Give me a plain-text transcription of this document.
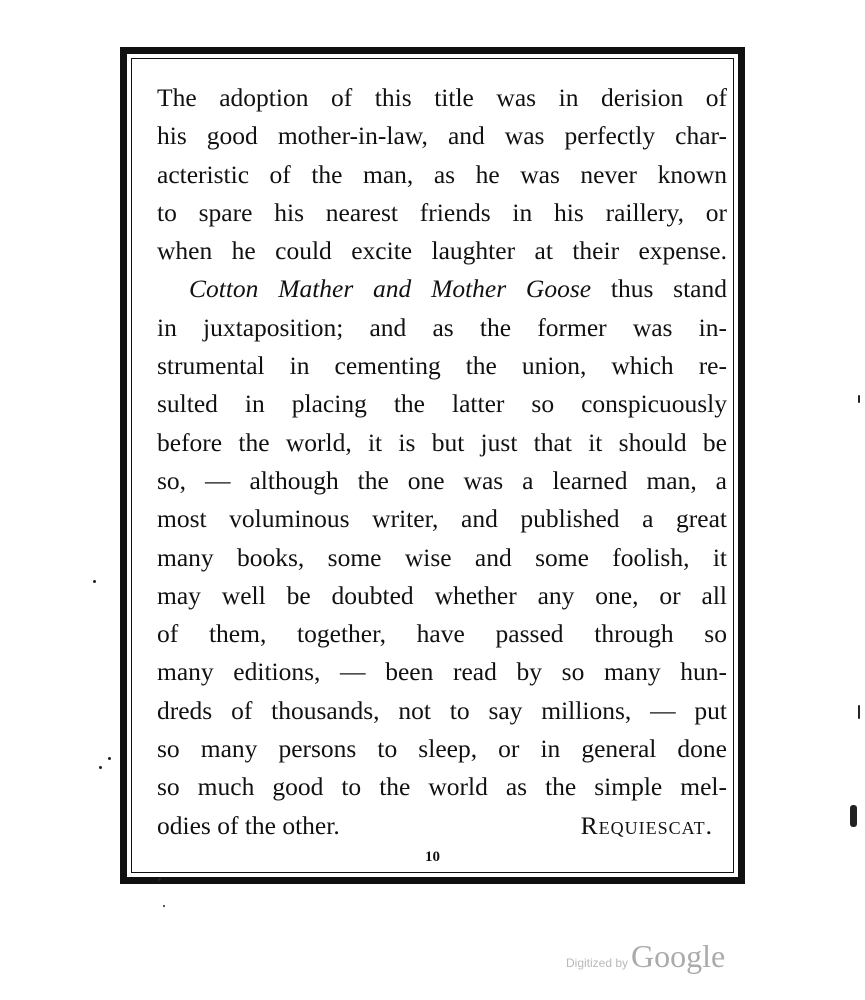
The adoption of this title was in derision of
his good mother-in-law, and was perfectly char-
acteristic of the man, as he was never known
to spare his nearest friends in his raillery, or
when he could excite laughter at their expense.
Cotton Mather and Mother Goose thus stand
in juxtaposition; and as the former was in-
strumental in cementing the union, which re-
sulted in placing the latter so conspicuously
before the world, it is but just that it should be
so, — although the one was a learned man, a
most voluminous writer, and published a great
many books, some wise and some foolish, it
may well be doubted whether any one, or all
of them, together, have passed through so
many editions, — been read by so many hun-
dreds of thousands, not to say millions, — put
so many persons to sleep, or in general done
so much good to the world as the simple mel-
odies of the other.	Requiescat.
10
Digitized by Google
